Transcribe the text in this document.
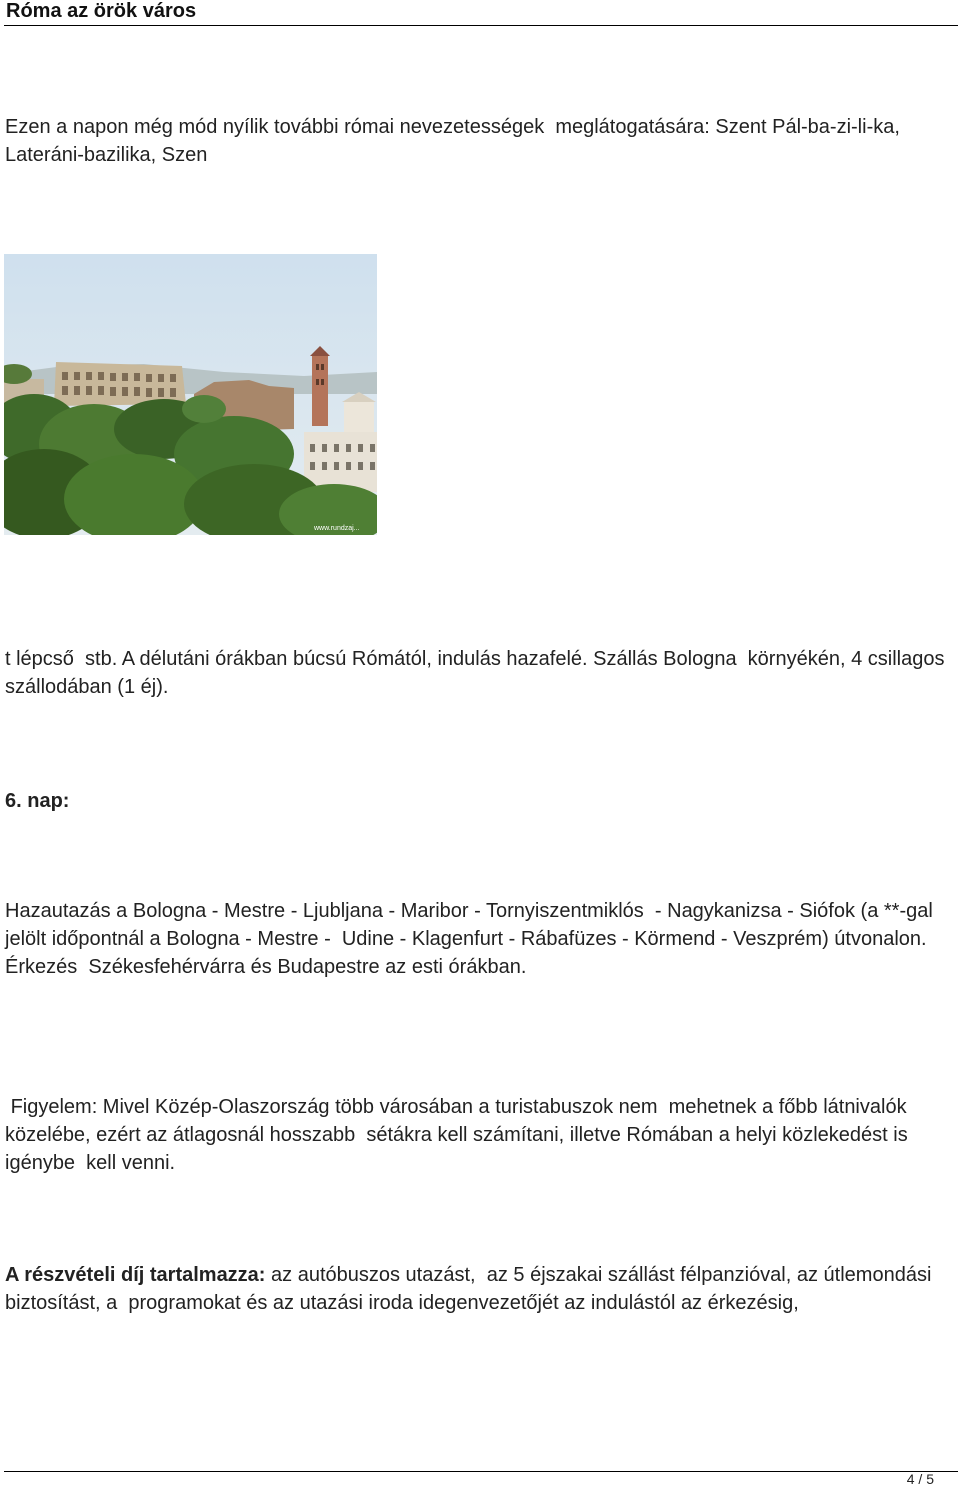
Róma az örök város
Ezen a napon még mód nyílik további római nevezetességek  meglátogatására: Szent Pál-ba-zi-li-ka, Lateráni-bazilika, Szen
www.rundzaj...
t lépcső  stb. A délutáni órákban búcsú Rómától, indulás hazafelé. Szállás Bologna  környékén, 4 csillagos szállodában (1 éj).
6. nap:
Hazautazás a Bologna - Mestre - Ljubljana - Maribor - Tornyiszentmiklós  - Nagykanizsa - Siófok (a **-gal jelölt időpontnál a Bologna - Mestre -  Udine - Klagenfurt - Rábafüzes - Körmend - Veszprém) útvonalon. Érkezés  Székesfehérvárra és Budapestre az esti órákban.
Figyelem: Mivel Közép-Olaszország több városában a turistabuszok nem  mehetnek a főbb látnivalók közelébe, ezért az átlagosnál hosszabb  sétákra kell számítani, illetve Rómában a helyi közlekedést is igénybe  kell venni.
A részvételi díj tartalmazza: az autóbuszos utazást,  az 5 éjszakai szállást félpanzióval, az útlemondási biztosítást, a  programokat és az utazási iroda idegenvezetőjét az indulástól az érkezésig,
4 / 5
